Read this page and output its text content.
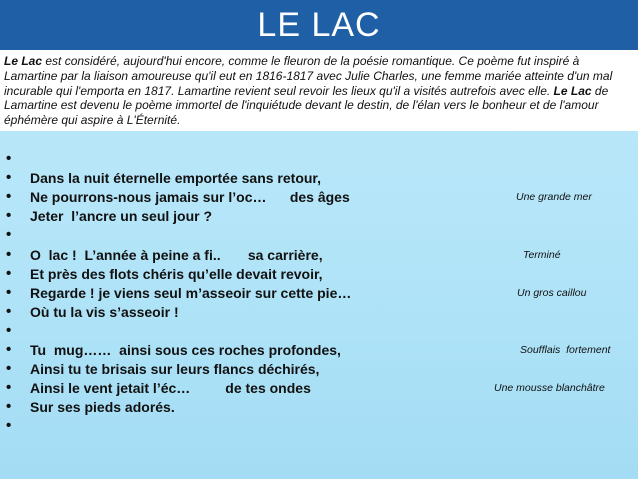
LE LAC
Le Lac est considéré, aujourd'hui encore, comme le fleuron de la poésie romantique. Ce poème fut inspiré à Lamartine par la liaison amoureuse qu'il eut en 1816-1817 avec Julie Charles, une femme mariée atteinte d'un mal incurable qui l'emporta en 1817. Lamartine revient seul revoir les lieux qu'il a visités autrefois avec elle. Le Lac de Lamartine est devenu le poème immortel de l'inquiétude devant le destin, de l'élan vers le bonheur et de l'amour éphémère qui aspire à L'Éternité.
•
• Dans la nuit éternelle emportée sans retour,
• Ne pourrons-nous jamais sur l’oc…      des âges	Une grande mer
• Jeter  l’ancre un seul jour ?
•
• O  lac !  L’année à peine a fi..       sa carrière,	Terminé
• Et près des flots chéris qu’elle devait revoir,
• Regarde ! je viens seul m’asseoir sur cette pie…	Un gros caillou
• Où tu la vis s’asseoir !
•
• Tu  mug……  ainsi sous ces roches profondes,	Soufflais  fortement
• Ainsi tu te brisais sur leurs flancs déchirés,
• Ainsi le vent jetait l’éc…         de tes ondes	Une mousse blanchâtre
• Sur ses pieds adorés.
•
